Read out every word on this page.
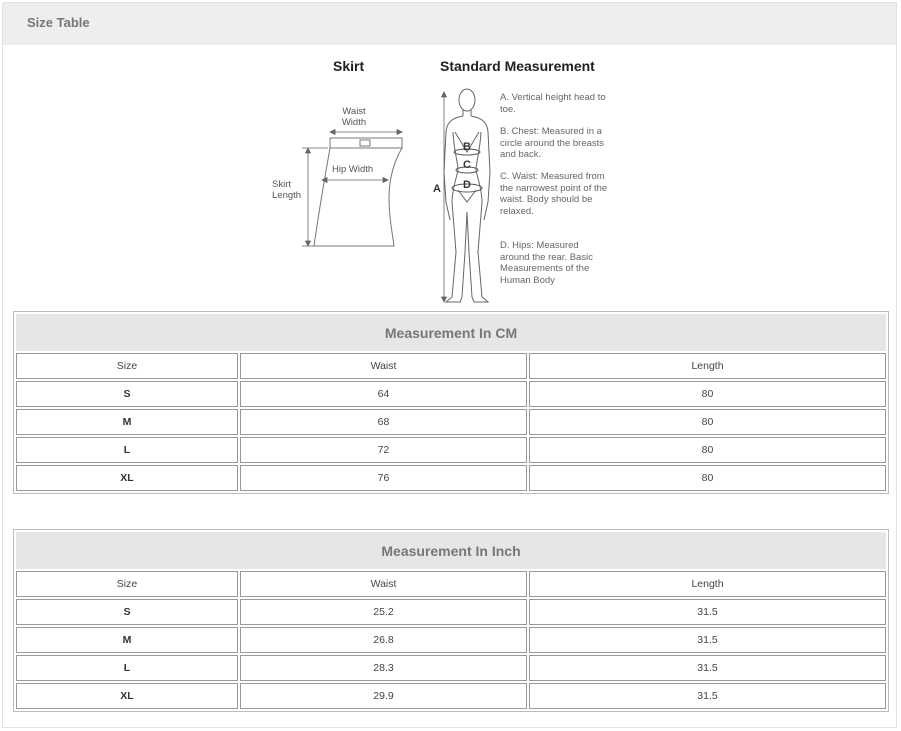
Size Table
Skirt	Standard Measurement
Waist Width
Hip Width
Skirt Length
A
B
C
D
A. Vertical height head to toe.
B. Chest: Measured in a circle around the breasts and back.
C. Waist: Measured from the narrowest point of the waist. Body should be relaxed.
D. Hips: Measured around the rear. Basic Measurements of the Human Body
Measurement In CM		
Size	Waist	Length
S	64	80
M	68	80
L	72	80
XL	76	80
Measurement In Inch		
Size	Waist	Length
S	25.2	31.5
M	26.8	31.5
L	28.3	31.5
XL	29.9	31.5
